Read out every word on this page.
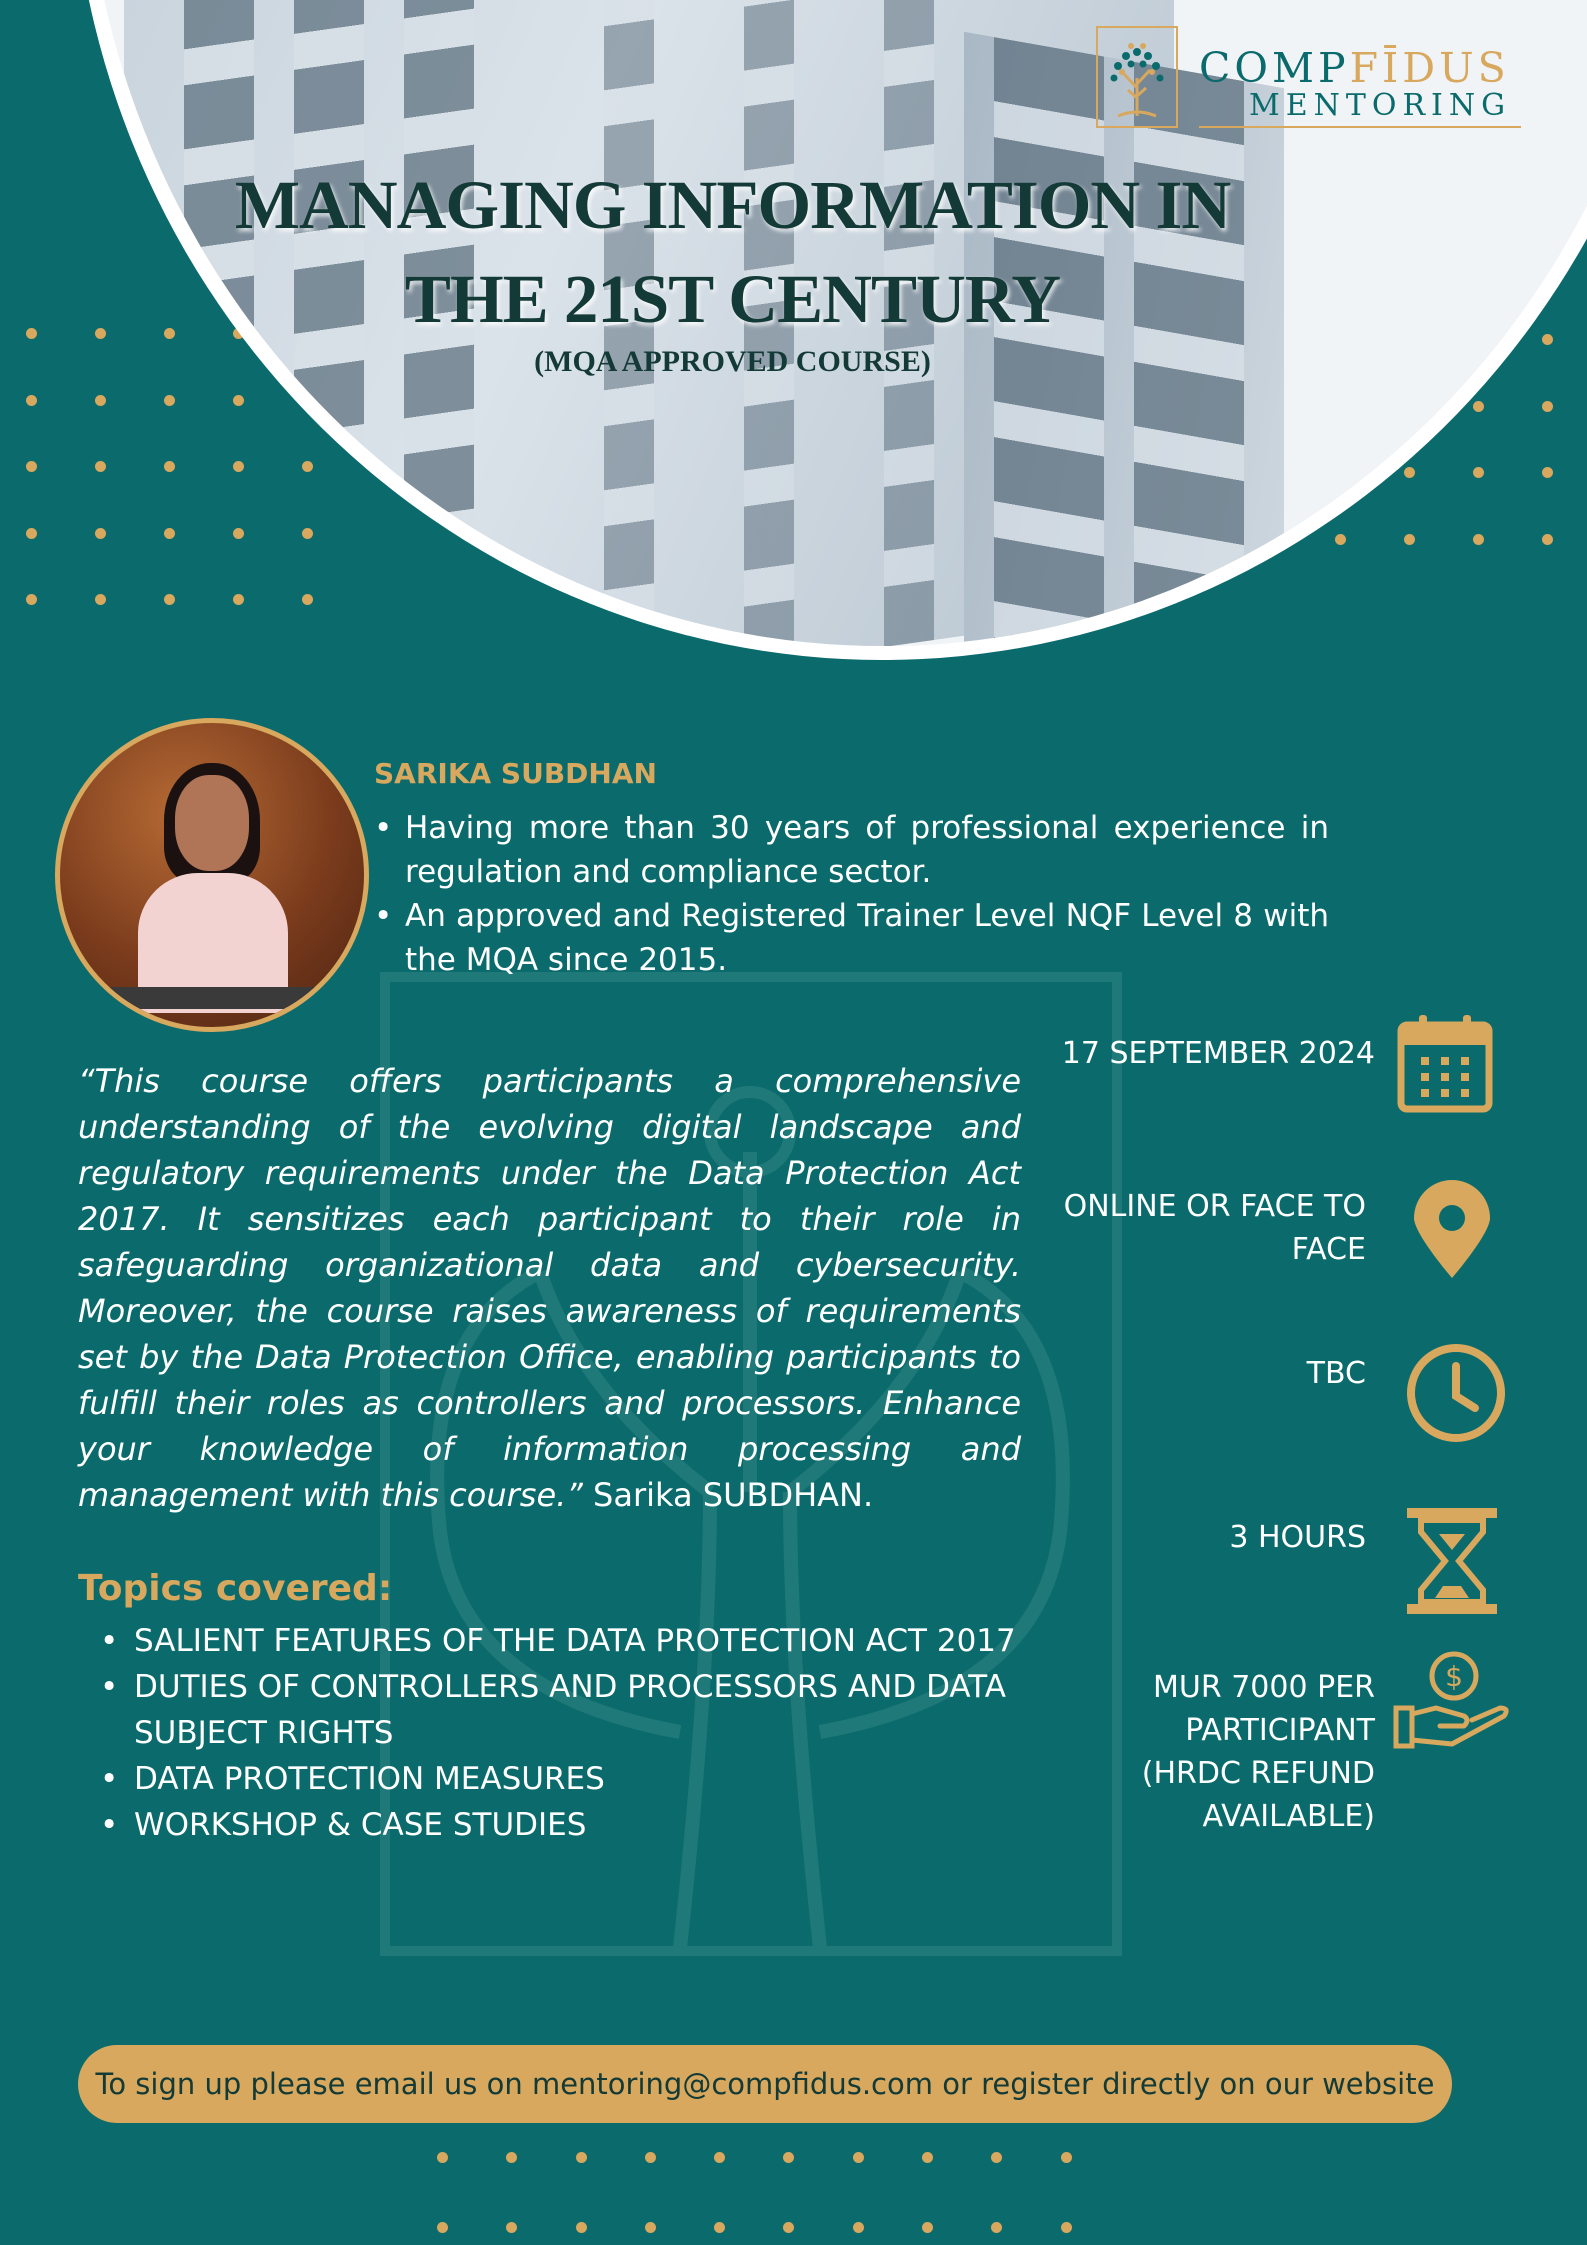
COMPFĪDUS
MENTORING
MANAGING INFORMATION IN
THE 21ST CENTURY
(MQA APPROVED COURSE)
SARIKA SUBDHAN
• Having more than 30 years of professional experience in regulation and compliance sector.
• An approved and Registered Trainer Level NQF Level 8 with the MQA since 2015.
“This course offers participants a comprehensive understanding of the evolving digital landscape and regulatory requirements under the Data Protection Act 2017. It sensitizes each participant to their role in safeguarding organizational data and cybersecurity. Moreover, the course raises awareness of requirements set by the Data Protection Office, enabling participants to fulfill their roles as controllers and processors. Enhance your knowledge of information processing and management with this course.” Sarika SUBDHAN.
Topics covered:
• SALIENT FEATURES OF THE DATA PROTECTION ACT 2017
• DUTIES OF CONTROLLERS AND PROCESSORS AND DATA SUBJECT RIGHTS
• DATA PROTECTION MEASURES
• WORKSHOP & CASE STUDIES
17 SEPTEMBER 2024
ONLINE OR FACE TO FACE
TBC
3 HOURS
MUR 7000 PER PARTICIPANT (HRDC REFUND AVAILABLE)
$
To sign up please email us on mentoring@compfidus.com or register directly on our website
